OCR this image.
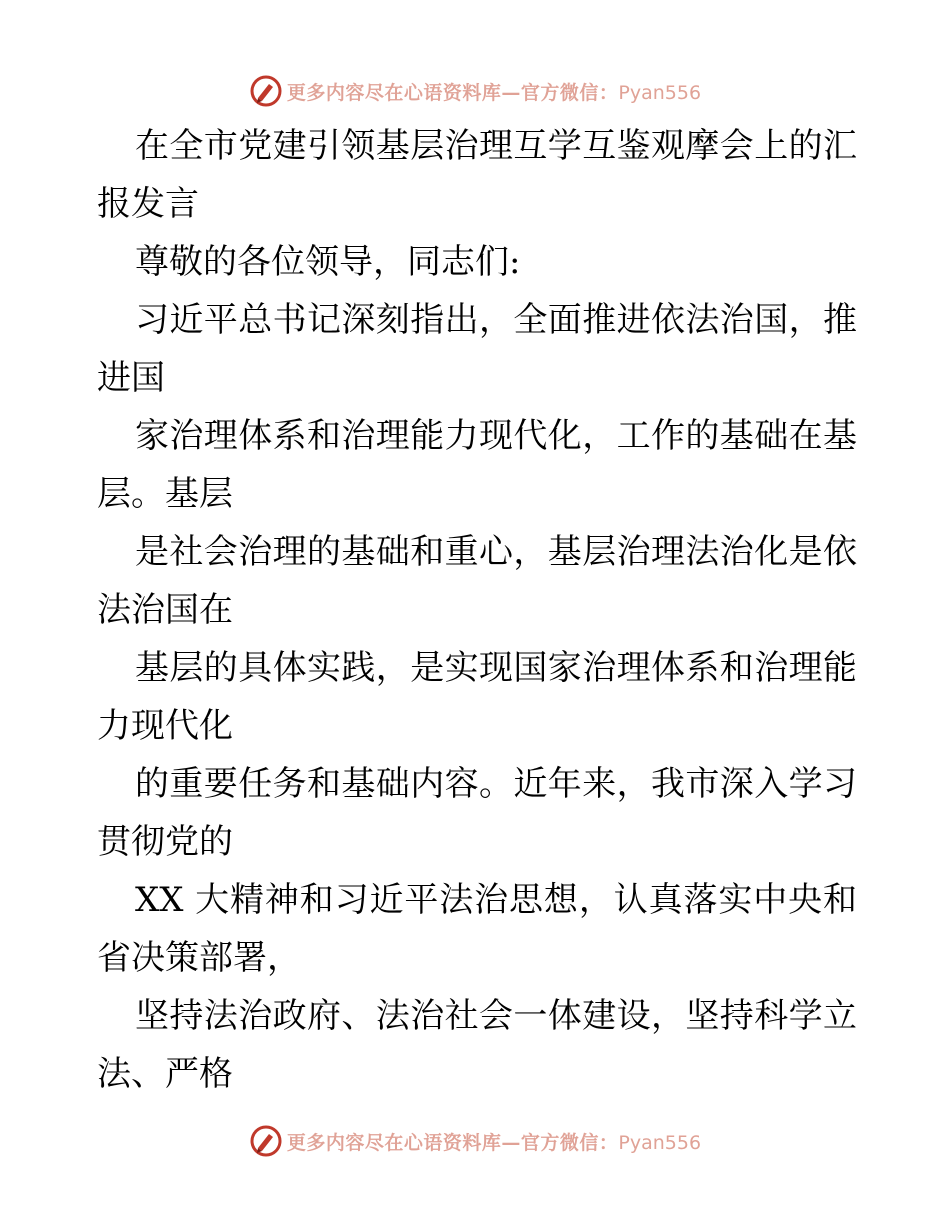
更多内容尽在心语资料库—官方微信：Pyan556

在全市党建引领基层治理互学互鉴观摩会上的汇报发言

尊敬的各位领导，同志们:

习近平总书记深刻指出，全面推进依法治国，推进国

家治理体系和治理能力现代化，工作的基础在基层。基层

是社会治理的基础和重心，基层治理法治化是依法治国在

基层的具体实践，是实现国家治理体系和治理能力现代化

的重要任务和基础内容。近年来，我市深入学习贯彻党的

XX 大精神和习近平法治思想，认真落实中央和省决策部署，

坚持法治政府、法治社会一体建设，坚持科学立法、严格

更多内容尽在心语资料库—官方微信：Pyan556
